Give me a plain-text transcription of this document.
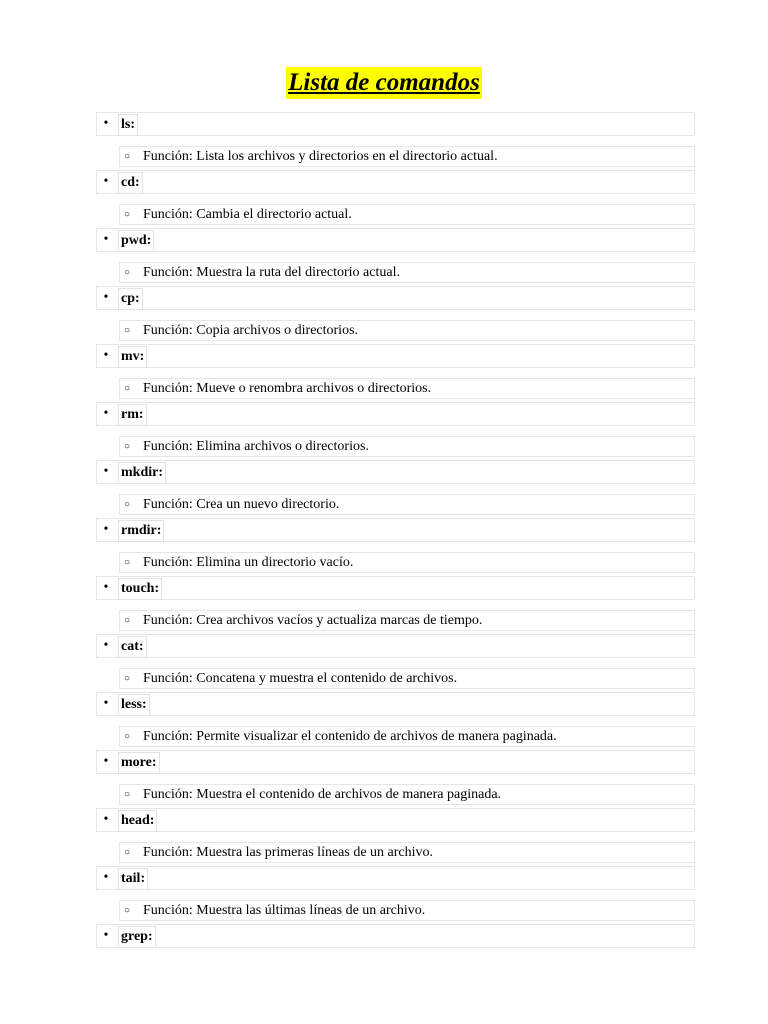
Lista de comandos
• ls:
○ Función: Lista los archivos y directorios en el directorio actual.
• cd:
○ Función: Cambia el directorio actual.
• pwd:
○ Función: Muestra la ruta del directorio actual.
• cp:
○ Función: Copia archivos o directorios.
• mv:
○ Función: Mueve o renombra archivos o directorios.
• rm:
○ Función: Elimina archivos o directorios.
• mkdir:
○ Función: Crea un nuevo directorio.
• rmdir:
○ Función: Elimina un directorio vacío.
• touch:
○ Función: Crea archivos vacíos y actualiza marcas de tiempo.
• cat:
○ Función: Concatena y muestra el contenido de archivos.
• less:
○ Función: Permite visualizar el contenido de archivos de manera paginada.
• more:
○ Función: Muestra el contenido de archivos de manera paginada.
• head:
○ Función: Muestra las primeras líneas de un archivo.
• tail:
○ Función: Muestra las últimas líneas de un archivo.
• grep:
